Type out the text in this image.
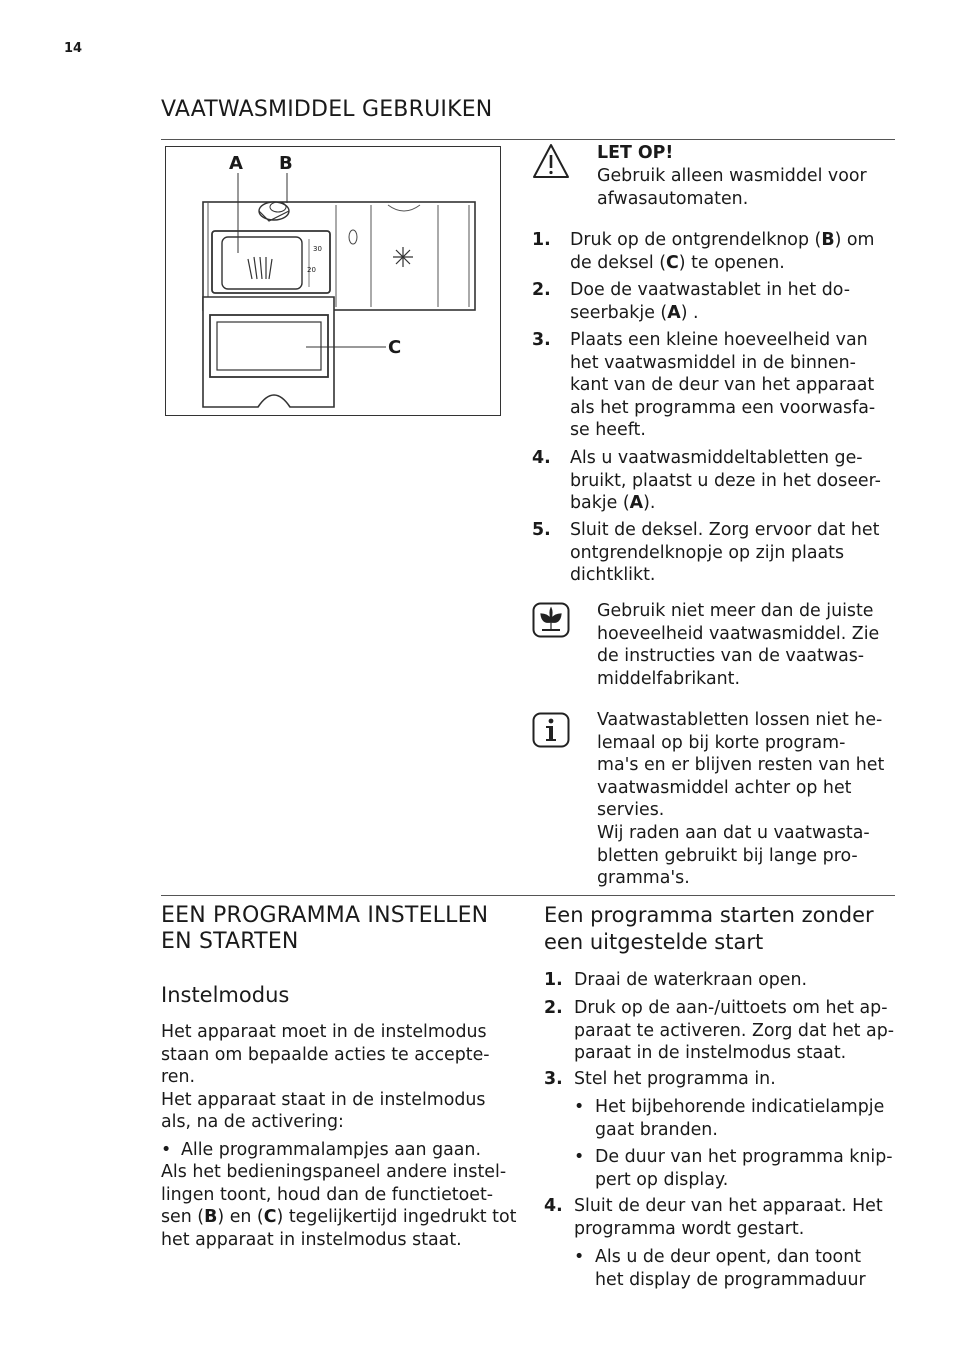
14
VAATWASMIDDEL GEBRUIKEN
A B
C
30
20
LET OP!
Gebruik alleen wasmiddel voor
afwasautomaten.
1. Druk op de ontgrendelknop (B) om
de deksel (C) te openen.
2. Doe de vaatwastablet in het do-
seerbakje (A) .
3. Plaats een kleine hoeveelheid van
het vaatwasmiddel in de binnen-
kant van de deur van het apparaat
als het programma een voorwasfa-
se heeft.
4. Als u vaatwasmiddeltabletten ge-
bruikt, plaatst u deze in het doseer-
bakje (A).
5. Sluit de deksel. Zorg ervoor dat het
ontgrendelknopje op zijn plaats
dichtklikt.
Gebruik niet meer dan de juiste
hoeveelheid vaatwasmiddel. Zie
de instructies van de vaatwas-
middelfabrikant.
Vaatwastabletten lossen niet he-
lemaal op bij korte program-
ma's en er blijven resten van het
vaatwasmiddel achter op het
servies.
Wij raden aan dat u vaatwasta-
bletten gebruikt bij lange pro-
gramma's.
EEN PROGRAMMA INSTELLEN
EN STARTEN
Instelmodus
Het apparaat moet in de instelmodus
staan om bepaalde acties te accepte-
ren.
Het apparaat staat in de instelmodus
als, na de activering:
• Alle programmalampjes aan gaan.
Als het bedieningspaneel andere instel-
lingen toont, houd dan de functietoet-
sen (B) en (C) tegelijkertijd ingedrukt tot
het apparaat in instelmodus staat.
Een programma starten zonder
een uitgestelde start
1. Draai de waterkraan open.
2. Druk op de aan-/uittoets om het ap-
paraat te activeren. Zorg dat het ap-
paraat in de instelmodus staat.
3. Stel het programma in.
• Het bijbehorende indicatielampje
gaat branden.
• De duur van het programma knip-
pert op display.
4. Sluit de deur van het apparaat. Het
programma wordt gestart.
• Als u de deur opent, dan toont
het display de programmaduur
